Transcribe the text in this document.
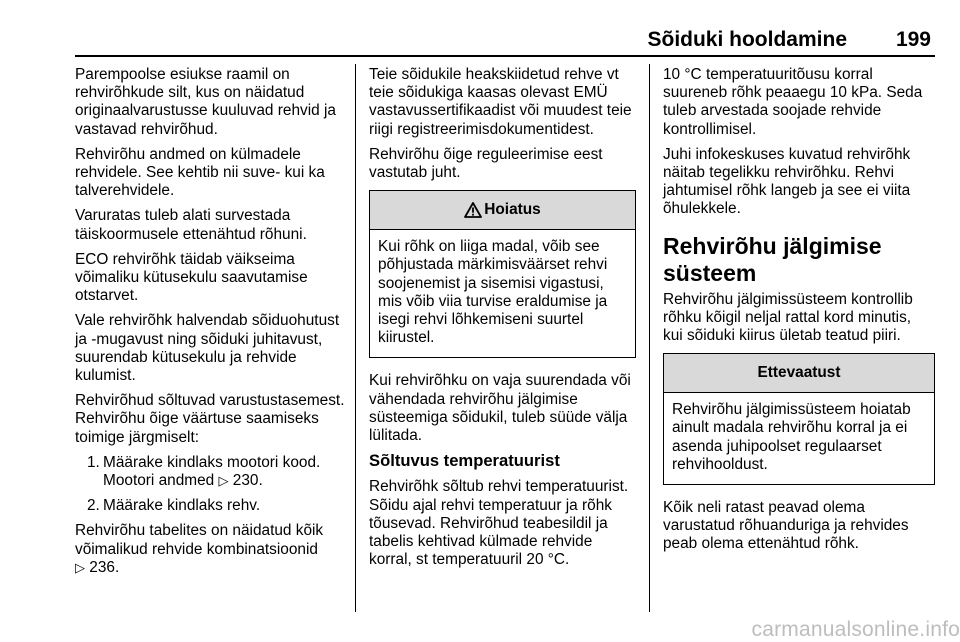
Sõiduki hooldamine 199

Parempoolse esiukse raamil on rehvirõhkude silt, kus on näidatud originaalvarustusse kuuluvad rehvid ja vastavad rehvirõhud.

Rehvirõhu andmed on külmadele rehvidele. See kehtib nii suve- kui ka talverehvidele.

Varuratas tuleb alati survestada täiskoormusele ettenähtud rõhuni.

ECO rehvirõhk täidab väikseima võimaliku kütusekulu saavutamise otstarvet.

Vale rehvirõhk halvendab sõiduohutust ja -mugavust ning sõiduki juhitavust, suurendab kütusekulu ja rehvide kulumist.

Rehvirõhud sõltuvad varustustasemest. Rehvirõhu õige väärtuse saamiseks toimige järgmiselt:

1. Määrake kindlaks mootori kood. Mootori andmed ▷ 230.
2. Määrake kindlaks rehv.

Rehvirõhu tabelites on näidatud kõik võimalikud rehvide kombinatsioonid
▷ 236.

Teie sõidukile heakskiidetud rehve vt teie sõidukiga kaasas olevast EMÜ vastavussertifikaadist või muudest teie riigi registreerimisdokumentidest.

Rehvirõhu õige reguleerimise eest vastutab juht.

Hoiatus
Kui rõhk on liiga madal, võib see põhjustada märkimisväärset rehvi soojenemist ja sisemisi vigastusi, mis võib viia turvise eraldumise ja isegi rehvi lõhkemiseni suurtel kiirustel.

Kui rehvirõhku on vaja suurendada või vähendada rehvirõhu jälgimise süsteemiga sõidukil, tuleb süüde välja lülitada.

Sõltuvus temperatuurist

Rehvirõhk sõltub rehvi temperatuurist. Sõidu ajal rehvi temperatuur ja rõhk tõusevad. Rehvirõhud teabesildil ja tabelis kehtivad külmade rehvide korral, st temperatuuril 20 °C.

10 °C temperatuuritõusu korral suureneb rõhk peaaegu 10 kPa. Seda tuleb arvestada soojade rehvide kontrollimisel.

Juhi infokeskuses kuvatud rehvirõhk näitab tegelikku rehvirõhku. Rehvi jahtumisel rõhk langeb ja see ei viita õhulekkele.

Rehvirõhu jälgimise süsteem

Rehvirõhu jälgimissüsteem kontrollib rõhku kõigil neljal rattal kord minutis, kui sõiduki kiirus ületab teatud piiri.

Ettevaatust
Rehvirõhu jälgimissüsteem hoiatab ainult madala rehvirõhu korral ja ei asenda juhipoolset regulaarset rehvihooldust.

Kõik neli ratast peavad olema varustatud rõhuanduriga ja rehvides peab olema ettenähtud rõhk.

carmanualsonline.info
